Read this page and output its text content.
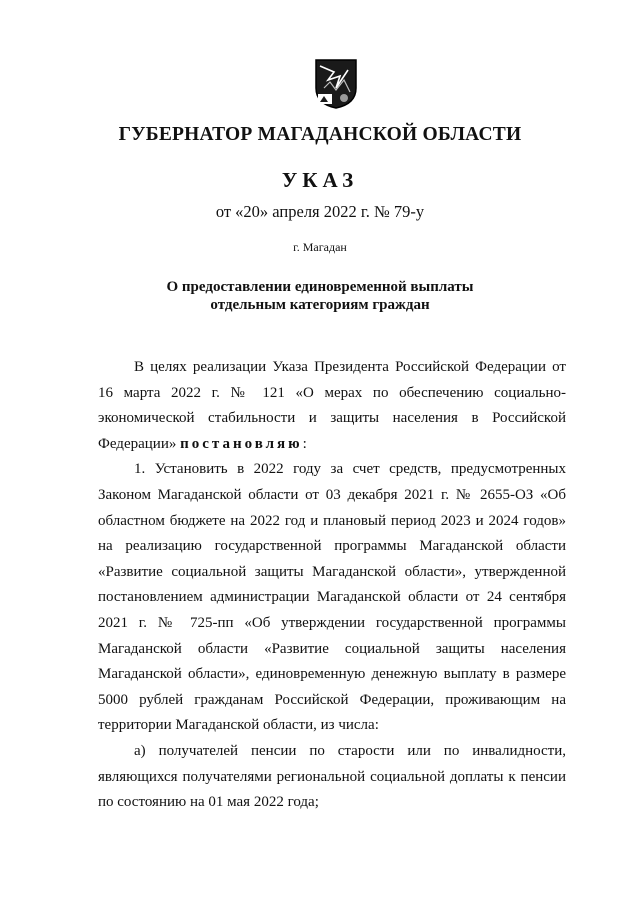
ГУБЕРНАТОР МАГАДАНСКОЙ ОБЛАСТИ
УКАЗ
от «20» апреля 2022 г. № 79-у
г. Магадан
О предоставлении единовременной выплаты
отдельным категориям граждан

В целях реализации Указа Президента Российской Федерации от 16 марта 2022 г. № 121 «О мерах по обеспечению социально-экономической стабильности и защиты населения в Российской Федерации» постановляю:

1. Установить в 2022 году за счет средств, предусмотренных Законом Магаданской области от 03 декабря 2021 г. № 2655-ОЗ «Об областном бюджете на 2022 год и плановый период 2023 и 2024 годов» на реализацию государственной программы Магаданской области «Развитие социальной защиты Магаданской области», утвержденной постановлением администрации Магаданской области от 24 сентября 2021 г. № 725-пп «Об утверждении государственной программы Магаданской области «Развитие социальной защиты населения Магаданской области», единовременную денежную выплату в размере 5000 рублей гражданам Российской Федерации, проживающим на территории Магаданской области, из числа:

а) получателей пенсии по старости или по инвалидности, являющихся получателями региональной социальной доплаты к пенсии по состоянию на 01 мая 2022 года;
